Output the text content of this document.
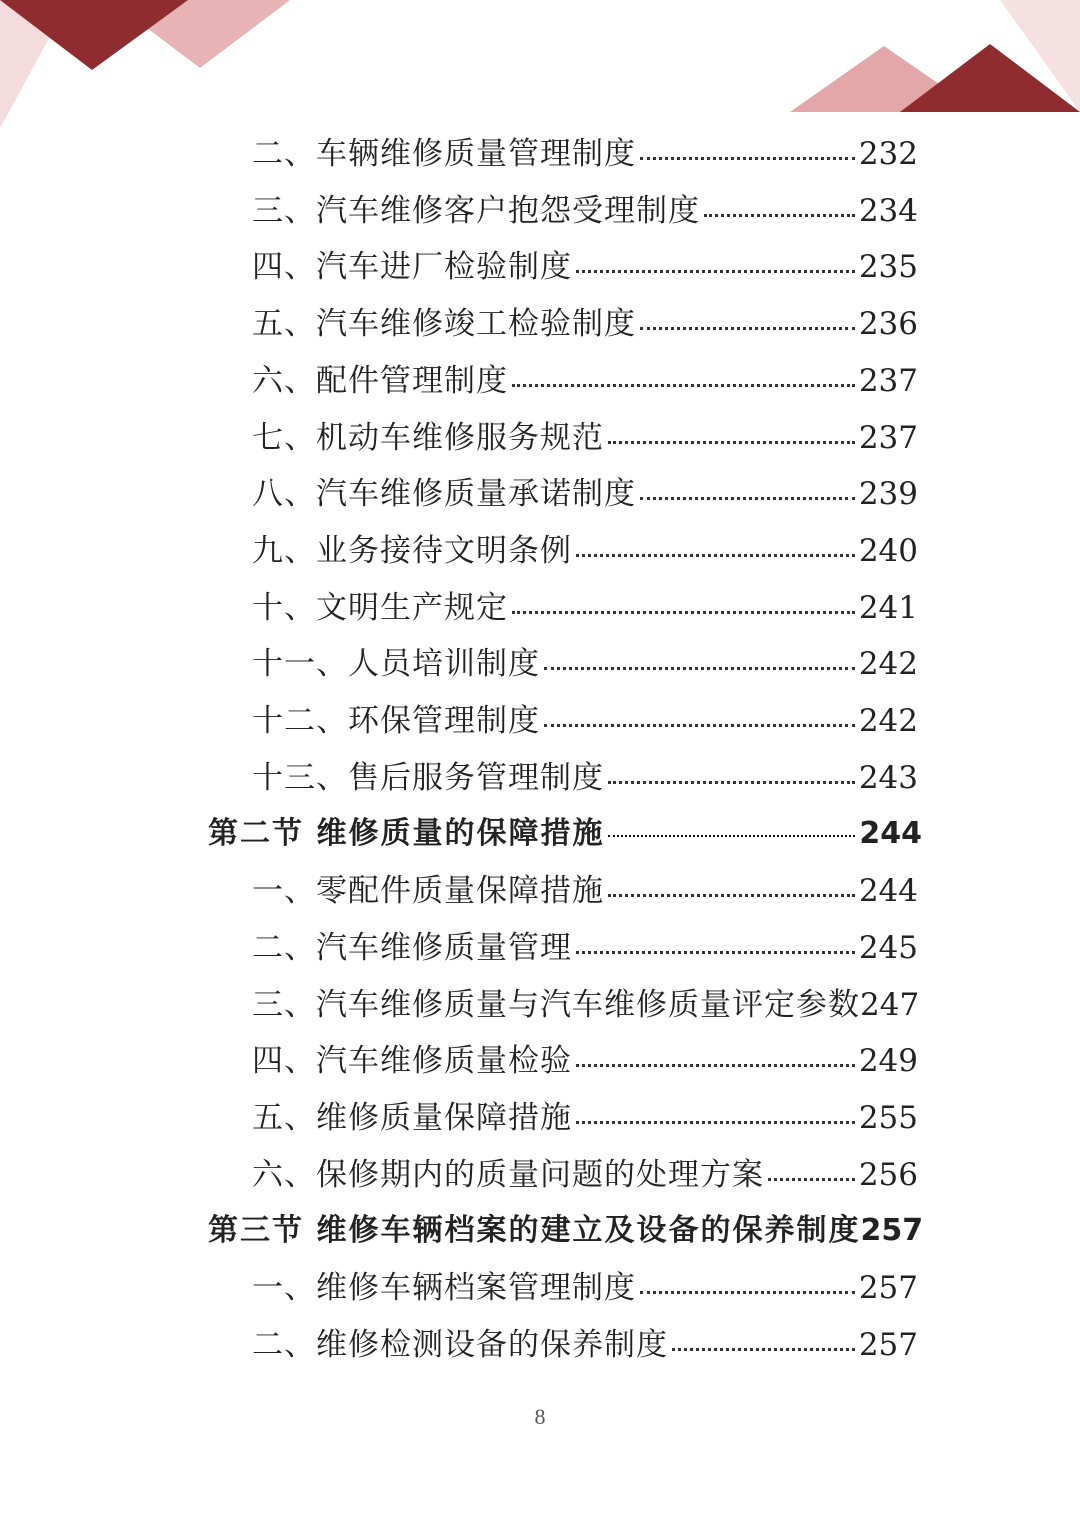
二、车辆维修质量管理制度	232
三、汽车维修客户抱怨受理制度	234
四、汽车进厂检验制度	235
五、汽车维修竣工检验制度	236
六、配件管理制度	237
七、机动车维修服务规范	237
八、汽车维修质量承诺制度	239
九、业务接待文明条例	240
十、文明生产规定	241
十一、人员培训制度	242
十二、环保管理制度	242
十三、售后服务管理制度	243
第二节 维修质量的保障措施	244
一、零配件质量保障措施	244
二、汽车维修质量管理	245
三、汽车维修质量与汽车维修质量评定参数 247
四、汽车维修质量检验	249
五、维修质量保障措施	255
六、保修期内的质量问题的处理方案	256
第三节 维修车辆档案的建立及设备的保养制度 257
一、维修车辆档案管理制度	257
二、维修检测设备的保养制度	257
8
